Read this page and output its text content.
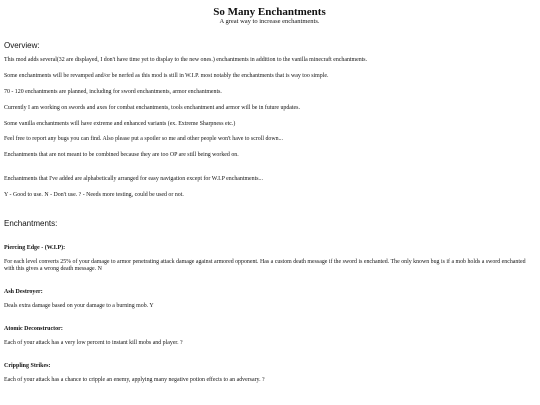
So Many Enchantments
A great way to increase enchantments.
Overview:

This mod adds several(32 are displayed, I don't have time yet to display to the new ones.) enchantments in addition to the vanilla minecraft enchantments.

Some enchantments will be revamped and/or be nerfed as this mod is still in W.I.P. most notably the enchantments that is way too simple.

70 - 120 enchantments are planned, including for sword enchantments, armor enchantments.

Currently I am working on swords and axes for combat enchantments, tools enchantment and armor will be in future updates.

Some vanilla enchantments will have extreme and enhanced variants (ex. Extreme Sharpness etc.)

Feel free to report any bugs you can find. Also please put a spoiler so me and other people won't have to scroll down...

Enchantments that are not meant to be combined because they are too OP are still being worked on.

Enchantments that I've added are alphabetically arranged for easy navigation except for W.I.P enchantments...

Y - Good to use. N - Don't use. ? - Needs more testing, could be used or not.

Enchantments:
Piercing Edge - (W.I.P):

For each level converts 25% of your damage to armor penetrating attack damage against armored opponent. Has a custom death message if the sword is enchanted. The only known bug is if a mob holds a sword enchanted with this gives a wrong death message. N

Ash Destroyer:

Deals extra damage based on your damage to a burning mob. Y

Atomic Deconstructor:

Each of your attack has a very low percent to instant kill mobs and player. ?

Crippling Strikes:

Each of your attack has a chance to cripple an enemy, applying many negative potion effects to an adversary. ?
